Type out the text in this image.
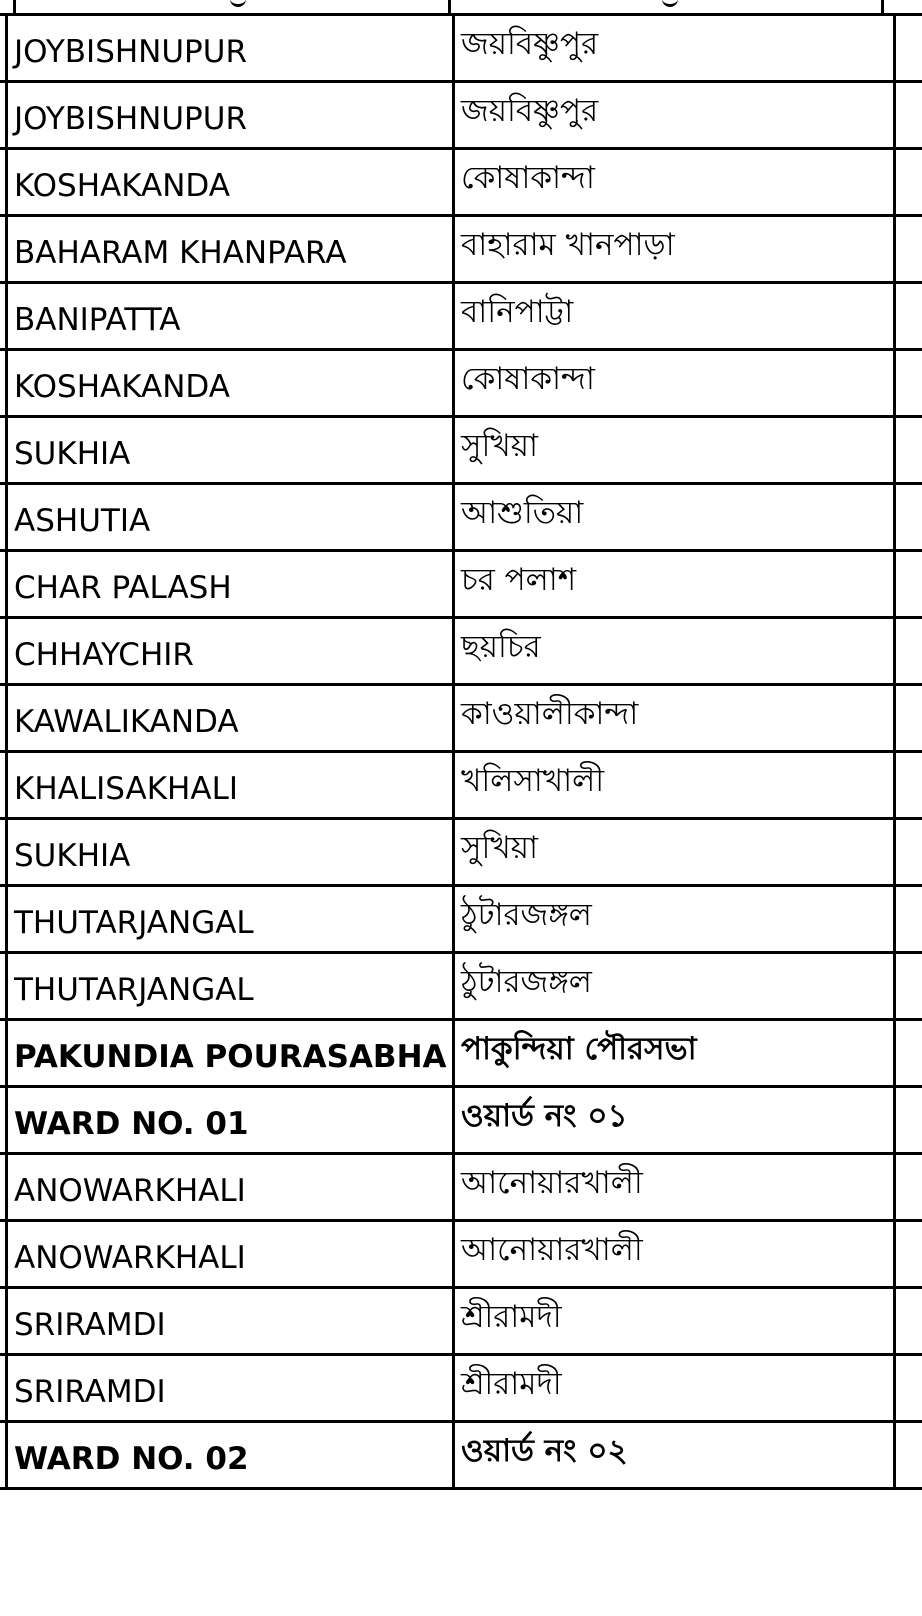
	JOYBISHNUPUR	জয়বিষ্ণুপুর	
	JOYBISHNUPUR	জয়বিষ্ণুপুর	
	KOSHAKANDA	কোষাকান্দা	
	BAHARAM KHANPARA	বাহারাম খানপাড়া	
	BANIPATTA	বানিপাট্টা	
	KOSHAKANDA	কোষাকান্দা	
	SUKHIA	সুখিয়া	
	ASHUTIA	আশুতিয়া	
	CHAR PALASH	চর পলাশ	
	CHHAYCHIR	ছয়চির	
	KAWALIKANDA	কাওয়ালীকান্দা	
	KHALISAKHALI	খলিসাখালী	
	SUKHIA	সুখিয়া	
	THUTARJANGAL	ঠুটারজঙ্গল	
	THUTARJANGAL	ঠুটারজঙ্গল	
	PAKUNDIA POURASABHA	পাকুন্দিয়া পৌরসভা	
	WARD NO. 01	ওয়ার্ড নং ০১	
	ANOWARKHALI	আনোয়ারখালী	
	ANOWARKHALI	আনোয়ারখালী	
	SRIRAMDI	শ্রীরামদী	
	SRIRAMDI	শ্রীরামদী	
	WARD NO. 02	ওয়ার্ড নং ০২	
